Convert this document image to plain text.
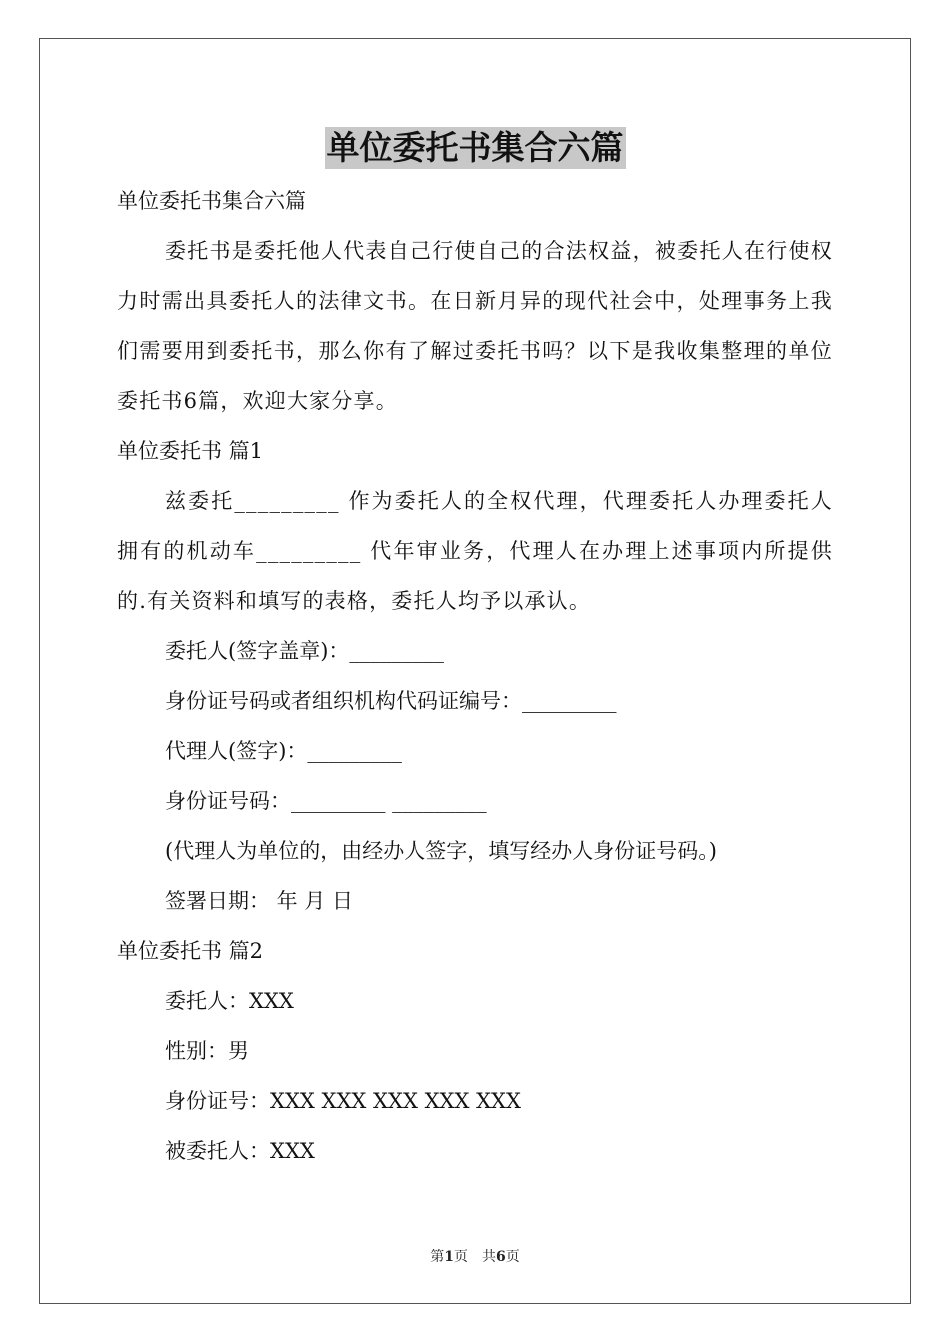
单位委托书集合六篇

单位委托书集合六篇

委托书是委托他人代表自己行使自己的合法权益，被委托人在行使权力时需出具委托人的法律文书。在日新月异的现代社会中，处理事务上我们需要用到委托书，那么你有了解过委托书吗？以下是我收集整理的单位委托书6篇，欢迎大家分享。

单位委托书 篇1

兹委托_________ 作为委托人的全权代理，代理委托人办理委托人拥有的机动车_________ 代年审业务，代理人在办理上述事项内所提供的.有关资料和填写的表格，委托人均予以承认。

委托人(签字盖章)：_________

身份证号码或者组织机构代码证编号：_________

代理人(签字)：_________

身份证号码：_________ _________

(代理人为单位的，由经办人签字，填写经办人身份证号码。)

签署日期： 年 月 日

单位委托书 篇2

委托人：XXX

性别：男

身份证号：XXX XXX XXX XXX XXX

被委托人：XXX

第1页 共6页
